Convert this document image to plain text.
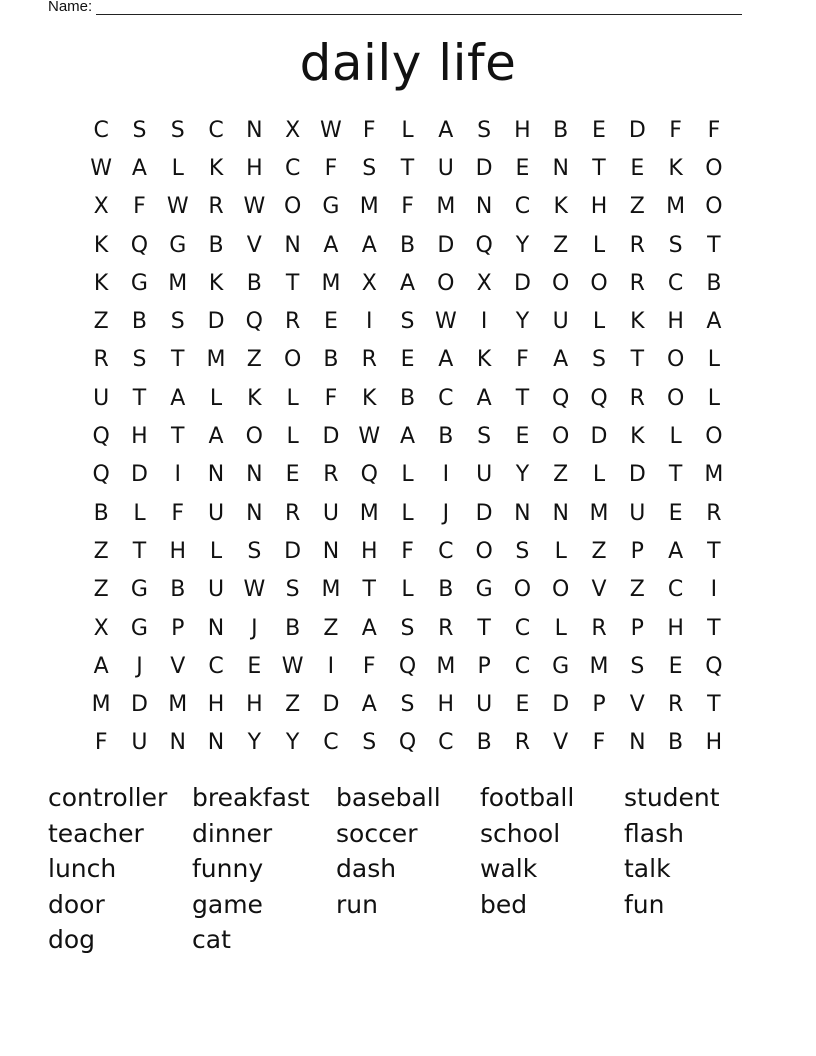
Name:
daily life
C	S	S	C	N	X W F	L	A	S	H	B	E	D	F	F
W A	L	K	H	C	F	S	T	U D	E	N	T	E	K	O
X	F W R W O G M	F	M N	C	K	H	Z M O
K	Q G	B	V	N	A	A	B	D Q	Y	Z	L	R	S	T
K	G M K	B	T	M X	A	O	X	D O O R	C	B
Z	B	S	D Q R	E	I	S W	I	Y	U	L	K	H	A
R	S	T	M Z	O	B	R	E	A	K	F	A	S	T	O	L
U	T	A	L	K	L	F	K	B	C	A	T	Q Q R O	L
Q H	T	A	O	L	D W A	B	S	E	O D	K	L	O
Q D	I	N N	E	R Q	L	I	U	Y	Z	L	D	T	M
B	L	F	U	N	R	U M	L	J	D N N M U	E	R
Z	T	H	L	S	D N H	F	C O	S	L	Z	P	A	T
Z	G	B	U W S M	T	L	B	G O O	V	Z	C	I
X	G	P	N	J	B	Z	A	S	R	T	C	L	R	P	H	T
A	J	V	C	E W	I	F	Q M	P	C	G M S	E	Q
M D M H H	Z	D	A	S	H U	E	D	P	V	R	T
F	U	N N	Y	Y	C	S	Q C	B	R	V	F	N	B	H
controller breakfast	baseball	football	student
teacher	dinner	soccer	school	flash
lunch	funny	dash	walk	talk
door	game	run	bed	fun
dog	cat
